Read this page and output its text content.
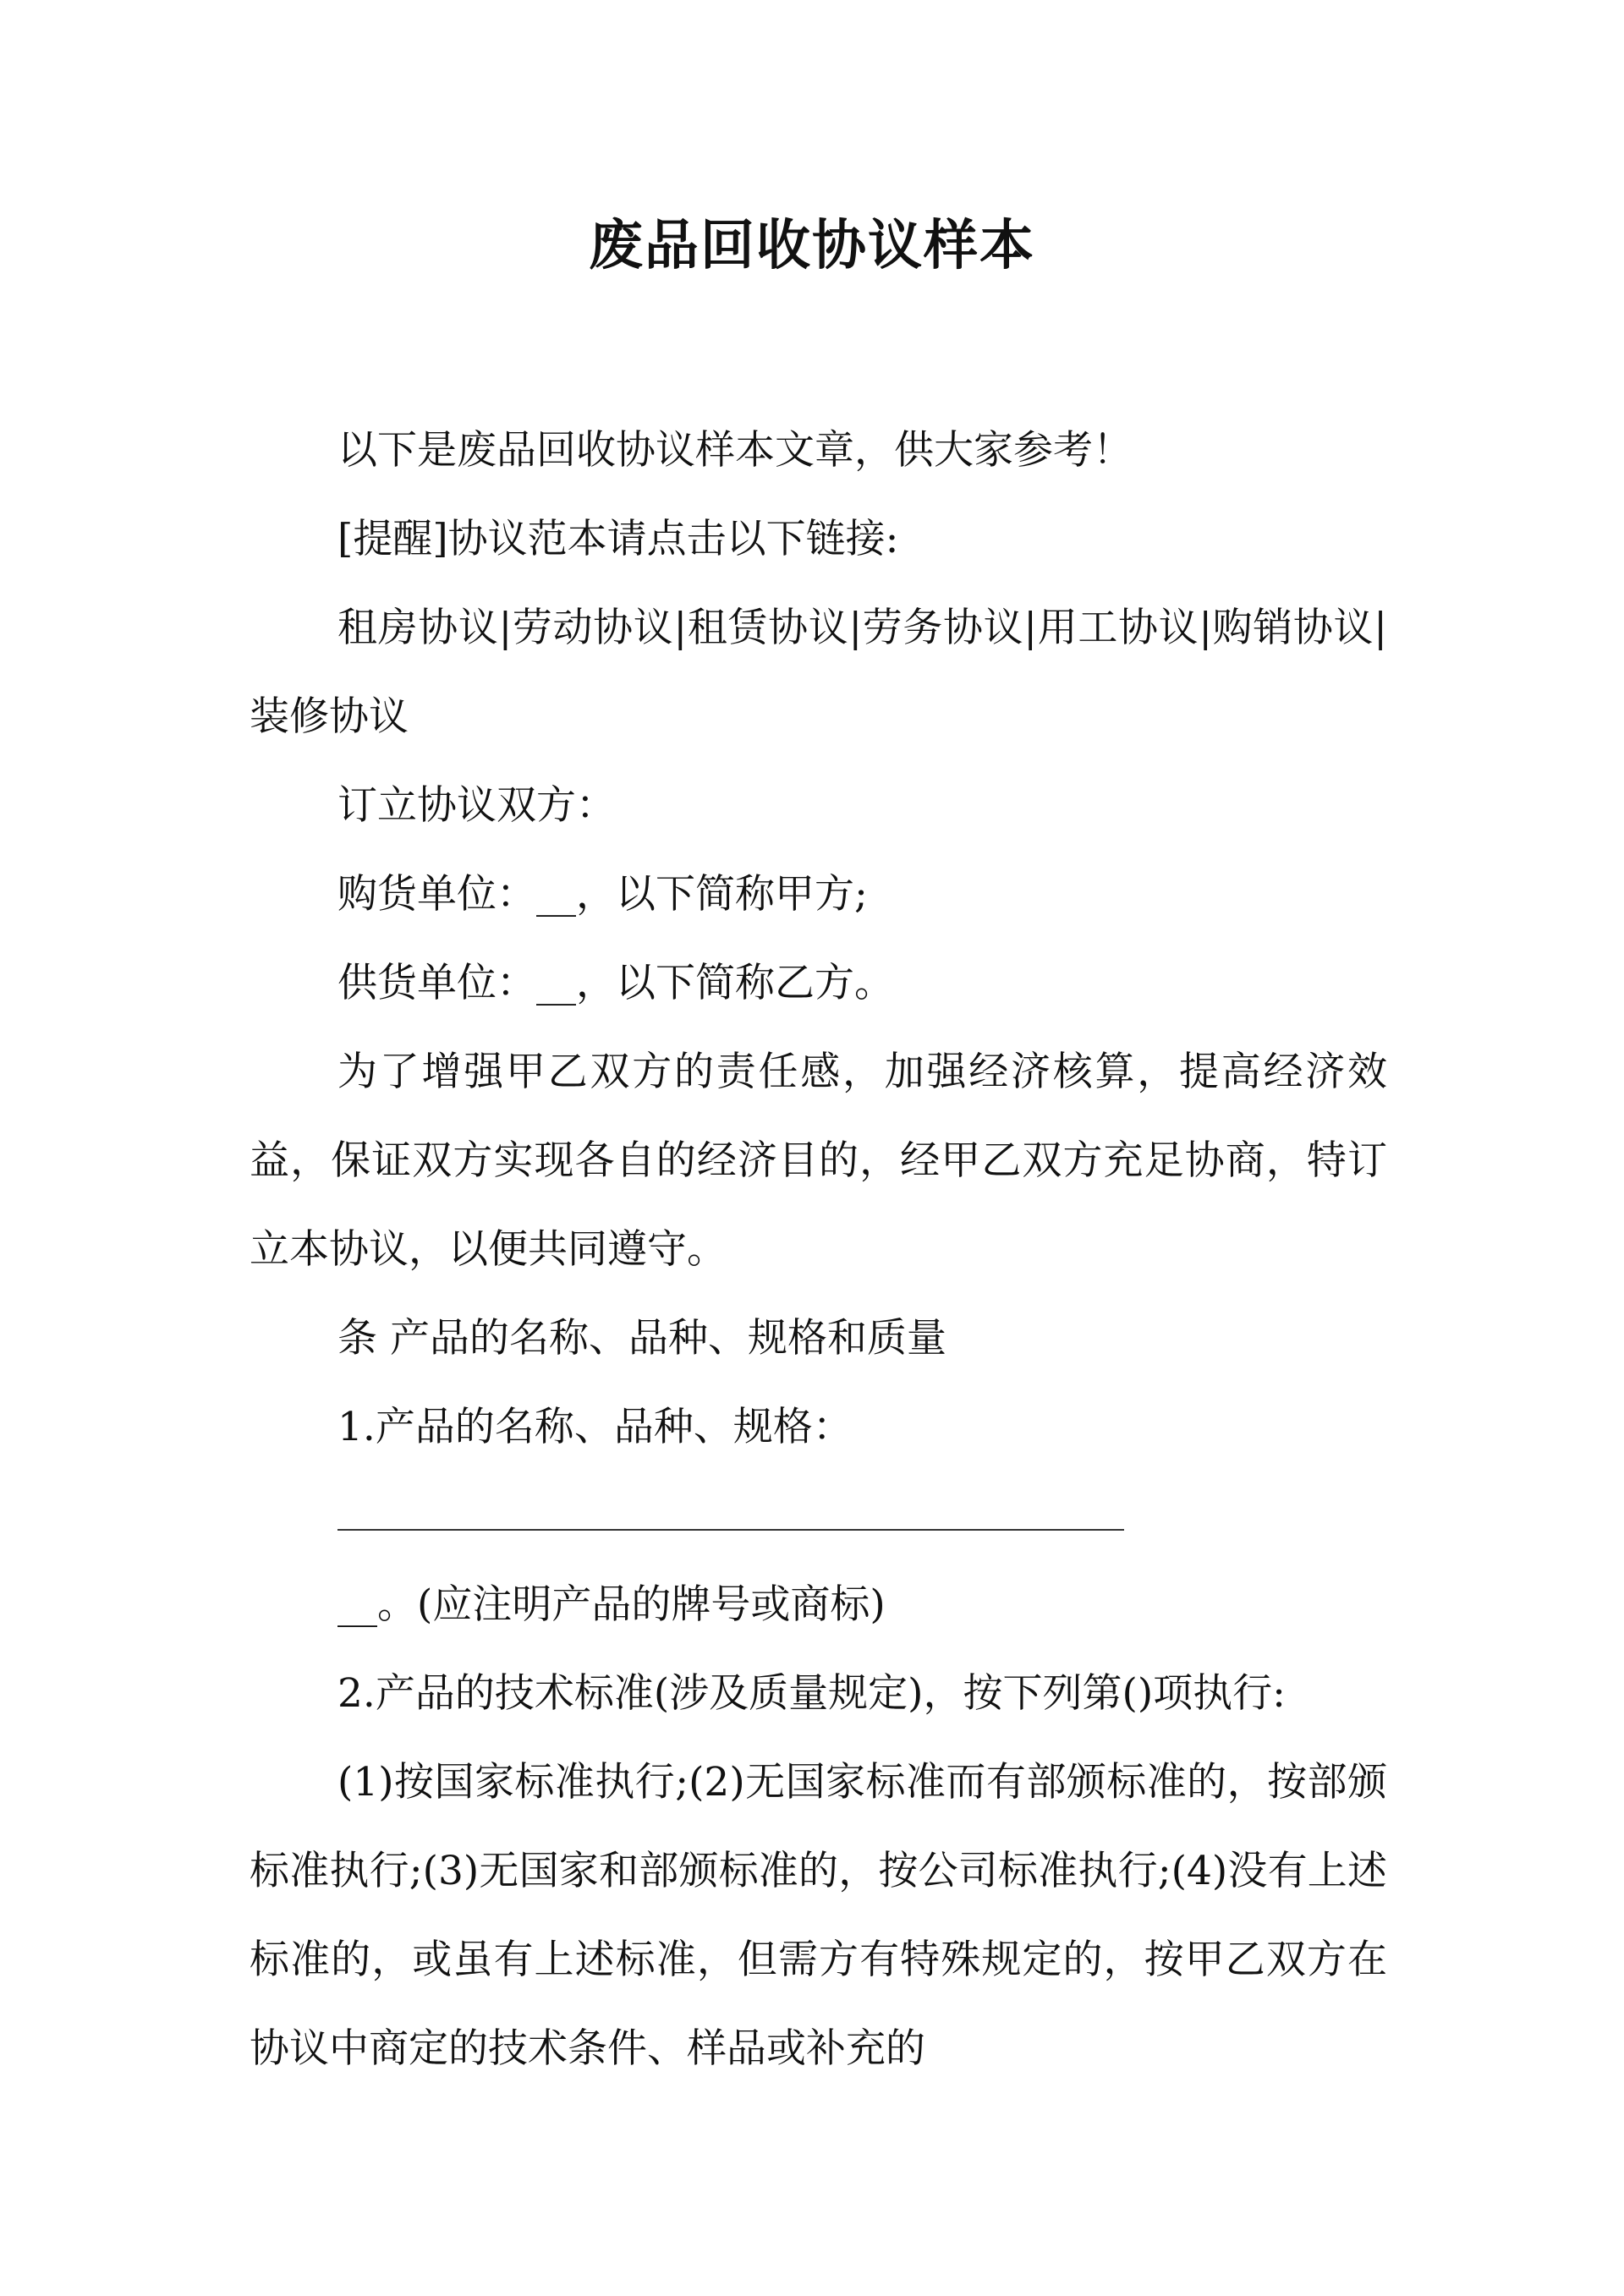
废品回收协议样本

以下是废品回收协议样本文章，供大家参考！

[提醒]协议范本请点击以下链接:

租房协议|劳动协议|租赁协议|劳务协议|用工协议|购销协议|装修协议

订立协议双方：

购货单位：__，以下简称甲方;

供货单位：__，以下简称乙方。

为了增强甲乙双方的责任感，加强经济核算，提高经济效益，保证双方实现各自的经济目的，经甲乙双方充足协商，特订立本协议，以便共同遵守。

条 产品的名称、品种、规格和质量

1.产品的名称、品种、规格：

__。(应注明产品的牌号或商标)

2.产品的技术标准(涉及质量规定)，按下列第()项执行:

(1)按国家标准执行;(2)无国家标准而有部颁标准的，按部颁标准执行;(3)无国家和部颁标准的，按公司标准执行;(4)没有上述标准的，或虽有上述标准，但需方有特殊规定的，按甲乙双方在协议中商定的技术条件、样品或补充的
